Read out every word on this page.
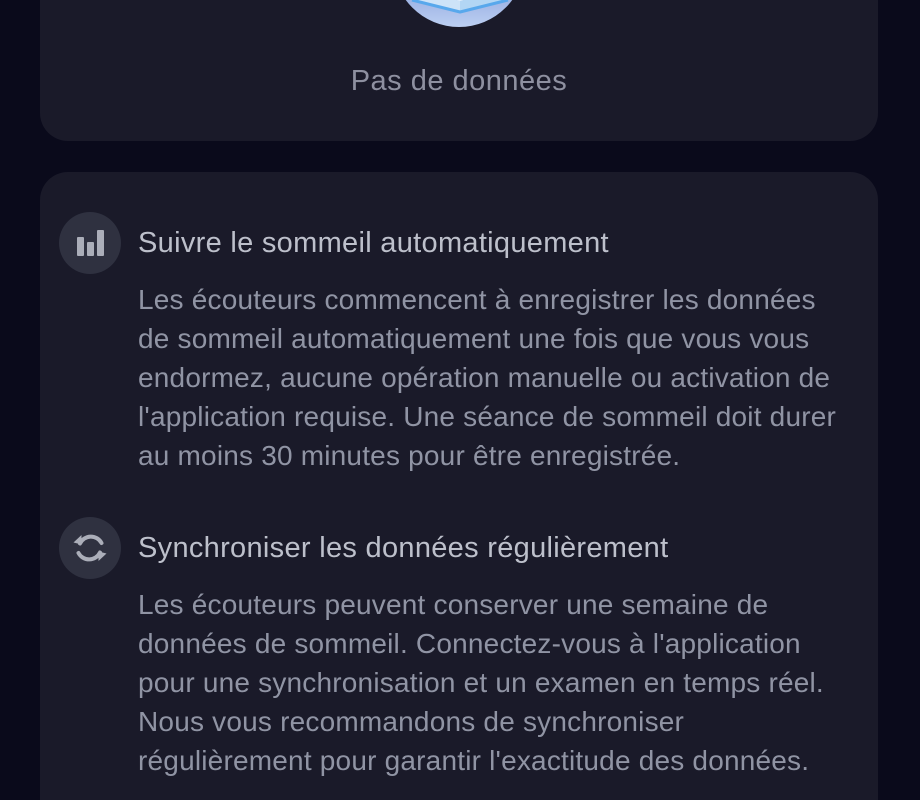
Pas de données
Suivre le sommeil automatiquement

Les écouteurs commencent à enregistrer les données de sommeil automatiquement une fois que vous vous endormez, aucune opération manuelle ou activation de l'application requise. Une séance de sommeil doit durer au moins 30 minutes pour être enregistrée.

Synchroniser les données régulièrement

Les écouteurs peuvent conserver une semaine de données de sommeil. Connectez-vous à l'application pour une synchronisation et un examen en temps réel. Nous vous recommandons de synchroniser régulièrement pour garantir l'exactitude des données.
